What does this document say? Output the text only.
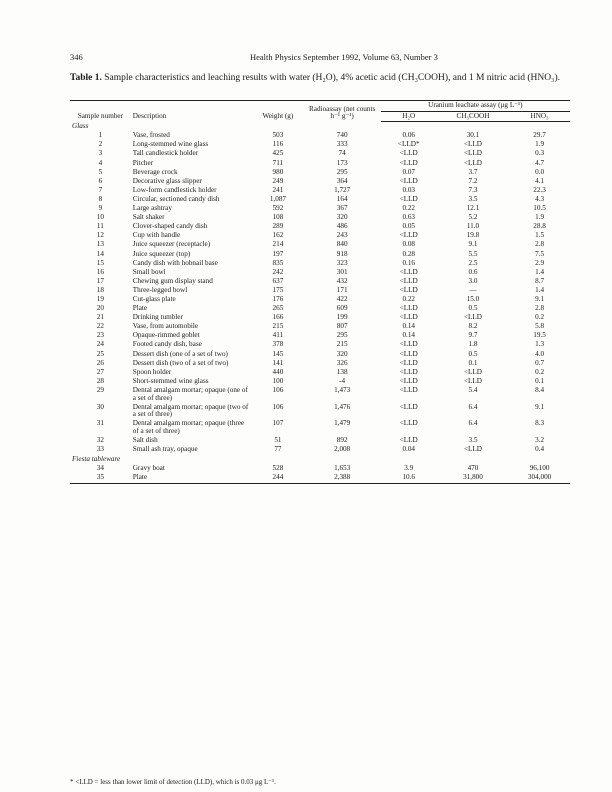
346	Health Physics September 1992, Volume 63, Number 3
Table 1. Sample characteristics and leaching results with water (H₂O), 4% acetic acid (CH₃COOH), and 1 M nitric acid (HNO₃).
Sample number	Description	Weight (g)	Radioassay (net counts h⁻¹ g⁻¹)	Uranium leachate assay (μg L⁻¹)		
				H₂O	CH₃COOH	HNO₃
Glass						
1	Vase, frosted	503	740	0.06	30.1	29.7
2	Long-stemmed wine glass	116	333	<LLD*	<LLD	1.9
3	Tall candlestick holder	425	74	<LLD	<LLD	0.3
4	Pitcher	711	173	<LLD	<LLD	4.7
5	Beverage crock	980	295	0.07	3.7	0.0
6	Decorative glass slipper	249	364	<LLD	7.2	4.1
7	Low-form candlestick holder	241	1,727	0.03	7.3	22.3
8	Circular, sectioned candy dish	1,087	164	<LLD	3.5	4.3
9	Large ashtray	592	367	0.22	12.1	10.5
10	Salt shaker	108	320	0.63	5.2	1.9
11	Clover-shaped candy dish	289	486	0.05	11.0	28.8
12	Cup with handle	162	243	<LLD	19.8	1.5
13	Juice squeezer (receptacle)	214	840	0.08	9.1	2.8
14	Juice squeezer (top)	197	918	0.28	5.5	7.5
15	Candy dish with hobnail base	835	323	0.16	2.5	2.9
16	Small bowl	242	301	<LLD	0.6	1.4
17	Chewing gum display stand	637	432	<LLD	3.0	8.7
18	Three-legged bowl	175	171	<LLD	—	1.4
19	Cut-glass plate	176	422	0.22	15.0	9.1
20	Plate	265	609	<LLD	0.5	2.8
21	Drinking tumbler	166	199	<LLD	<LLD	0.2
22	Vase, from automobile	215	807	0.14	8.2	5.8
23	Opaque-rimmed goblet	411	295	0.14	9.7	19.5
24	Footed candy dish, base	378	215	<LLD	1.8	1.3
25	Dessert dish (one of a set of two)	145	320	<LLD	0.5	4.0
26	Dessert dish (two of a set of two)	141	326	<LLD	0.1	0.7
27	Spoon holder	440	138	<LLD	<LLD	0.2
28	Short-stemmed wine glass	100	-4	<LLD	<LLD	0.1
29	Dental amalgam mortar; opaque (one of a set of three)	106	1,473	<LLD	5.4	8.4
30	Dental amalgam mortar; opaque (two of a set of three)	106	1,476	<LLD	6.4	9.1
31	Dental amalgam mortar; opaque (three of a set of three)	107	1,479	<LLD	6.4	8.3
32	Salt dish	51	892	<LLD	3.5	3.2
33	Small ash tray, opaque	77	2,008	0.04	<LLD	0.4
Fiesta tableware						
34	Gravy boat	528	1,653	3.9	470	96,100
35	Plate	244	2,388	10.6	31,800	304,000
* <LLD = less than lower limit of detection (LLD), which is 0.03 μg L⁻¹.
